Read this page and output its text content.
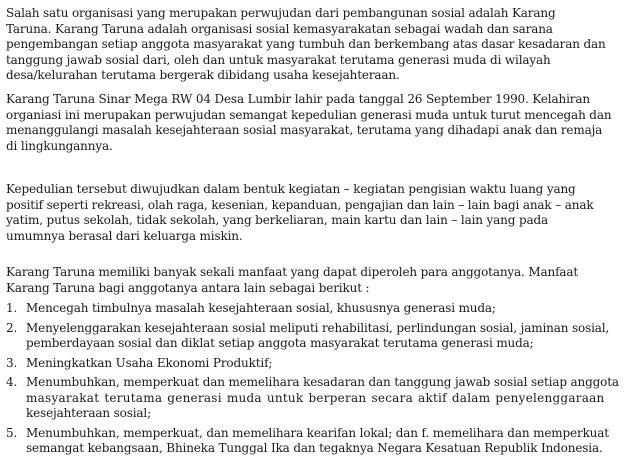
Salah satu organisasi yang merupakan perwujudan dari pembangunan sosial adalah Karang
Taruna. Karang Taruna adalah organisasi sosial kemasyarakatan sebagai wadah dan sarana
pengembangan setiap anggota masyarakat yang tumbuh dan berkembang atas dasar kesadaran dan
tanggung jawab sosial dari, oleh dan untuk masyarakat terutama generasi muda di wilayah
desa/kelurahan terutama bergerak dibidang usaha kesejahteraan.

Karang Taruna Sinar Mega RW 04 Desa Lumbir lahir pada tanggal 26 September 1990. Kelahiran
organiasi ini merupakan perwujudan semangat kepedulian generasi muda untuk turut mencegah dan
menanggulangi masalah kesejahteraan sosial masyarakat, terutama yang dihadapi anak dan remaja
di lingkungannya.

Kepedulian tersebut diwujudkan dalam bentuk kegiatan – kegiatan pengisian waktu luang yang
positif seperti rekreasi, olah raga, kesenian, kepanduan, pengajian dan lain – lain bagi anak – anak
yatim, putus sekolah, tidak sekolah, yang berkeliaran, main kartu dan lain – lain yang pada
umumnya berasal dari keluarga miskin.

Karang Taruna memiliki banyak sekali manfaat yang dapat diperoleh para anggotanya. Manfaat
Karang Taruna bagi anggotanya antara lain sebagai berikut :

1. Mencegah timbulnya masalah kesejahteraan sosial, khususnya generasi muda;
2. Menyelenggarakan kesejahteraan sosial meliputi rehabilitasi, perlindungan sosial, jaminan sosial,
pemberdayaan sosial dan diklat setiap anggota masyarakat terutama generasi muda;
3. Meningkatkan Usaha Ekonomi Produktif;
4. Menumbuhkan, memperkuat dan memelihara kesadaran dan tanggung jawab sosial setiap anggota
masyarakat terutama generasi muda untuk berperan secara aktif dalam penyelenggaraan
kesejahteraan sosial;
5. Menumbuhkan, memperkuat, dan memelihara kearifan lokal; dan f. memelihara dan memperkuat
semangat kebangsaan, Bhineka Tunggal Ika dan tegaknya Negara Kesatuan Republik Indonesia.
